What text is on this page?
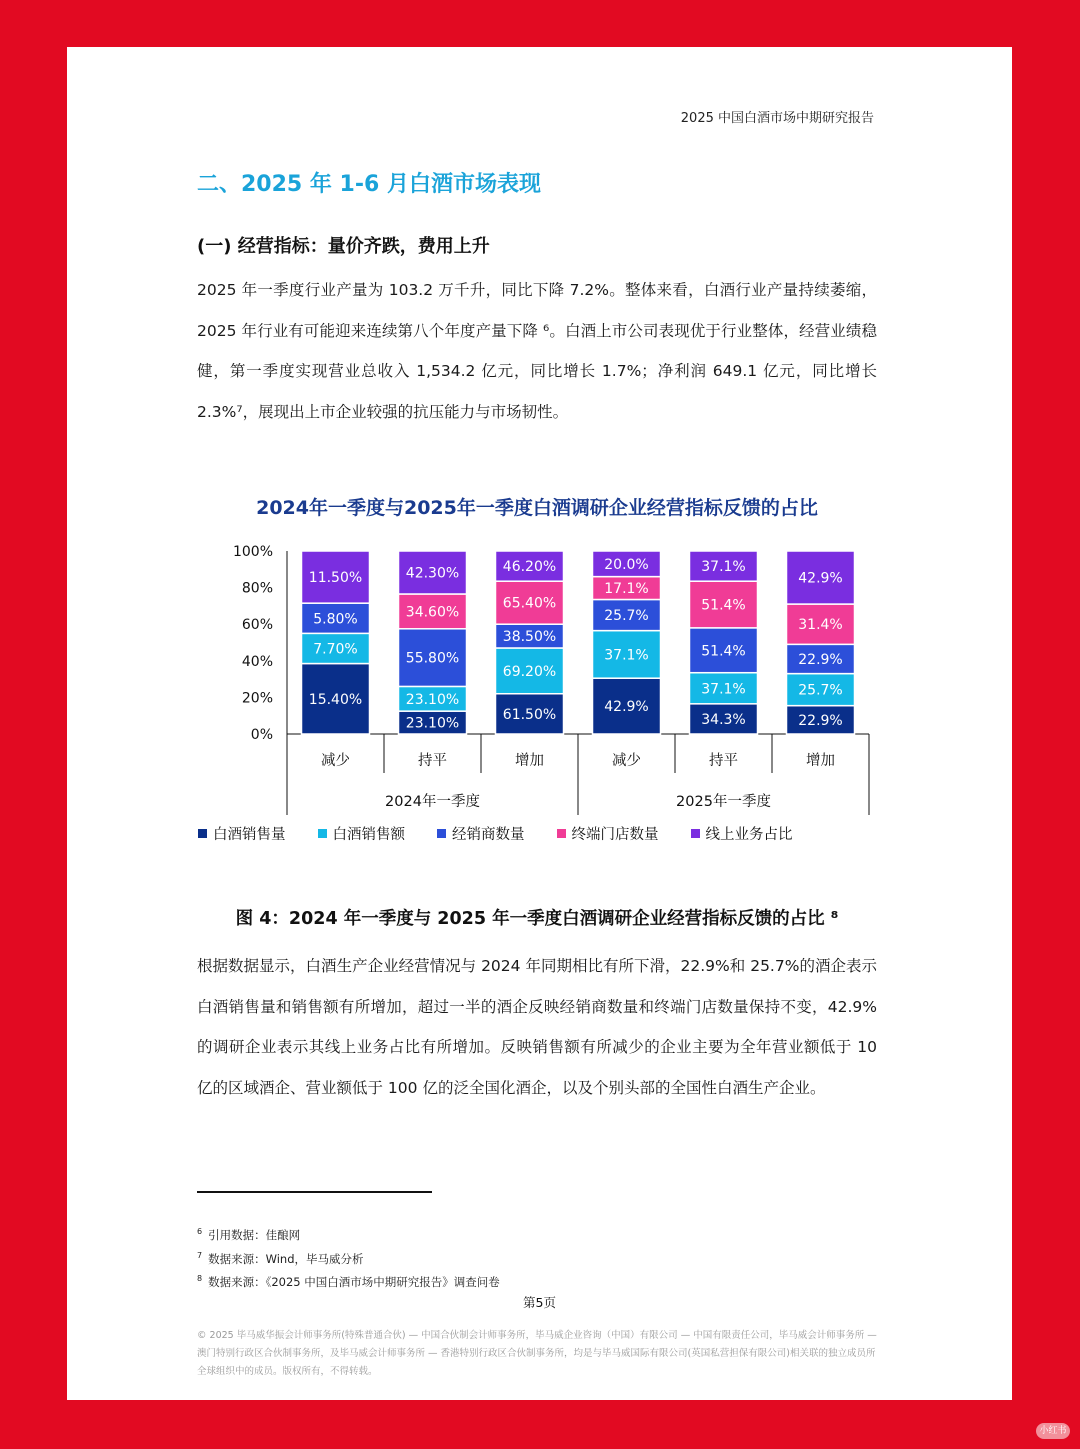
2025 中国白酒市场中期研究报告
二、2025 年 1-6 月白酒市场表现
(一) 经营指标：量价齐跌，费用上升
2025 年一季度行业产量为 103.2 万千升，同比下降 7.2%。整体来看，白酒行业产量持续萎缩，2025 年行业有可能迎来连续第八个年度产量下降 ⁶。白酒上市公司表现优于行业整体，经营业绩稳健，第一季度实现营业总收入 1,534.2 亿元，同比增长 1.7%；净利润 649.1 亿元，同比增长 2.3%⁷，展现出上市企业较强的抗压能力与市场韧性。
2024年一季度与2025年一季度白酒调研企业经营指标反馈的占比
0%
20%
40%
60%
80%
100%
15.40%
7.70%
5.80%
11.50%
23.10%
23.10%
55.80%
34.60%
42.30%
61.50%
69.20%
38.50%
65.40%
46.20%
42.9%
37.1%
25.7%
17.1%
20.0%
34.3%
37.1%
51.4%
51.4%
37.1%
22.9%
25.7%
22.9%
31.4%
42.9%
减少	持平	增加	减少	持平	增加
2024年一季度	2025年一季度
图 4：2024 年一季度与 2025 年一季度白酒调研企业经营指标反馈的占比 ⁸
根据数据显示，白酒生产企业经营情况与 2024 年同期相比有所下滑，22.9%和 25.7%的酒企表示白酒销售量和销售额有所增加，超过一半的酒企反映经销商数量和终端门店数量保持不变，42.9%的调研企业表示其线上业务占比有所增加。反映销售额有所减少的企业主要为全年营业额低于 10 亿的区域酒企、营业额低于 100 亿的泛全国化酒企，以及个别头部的全国性白酒生产企业。
$^6$ 引用数据：佳酿网
$^7$ 数据来源：Wind，毕马威分析
$^8$ 数据来源：《2025 中国白酒市场中期研究报告》调查问卷
第5页
© 2025 毕马威华振会计师事务所(特殊普通合伙) — 中国合伙制会计师事务所，毕马威企业咨询（中国）有限公司 — 中国有限责任公司，毕马威会计师事务所 — 澳门特别行政区合伙制事务所，及毕马威会计师事务所 — 香港特别行政区合伙制事务所，均是与毕马威国际有限公司(英国私营担保有限公司)相关联的独立成员所全球组织中的成员。版权所有，不得转载。
白酒销售量	白酒销售额	经销商数量	终端门店数量	线上业务占比
小红书
